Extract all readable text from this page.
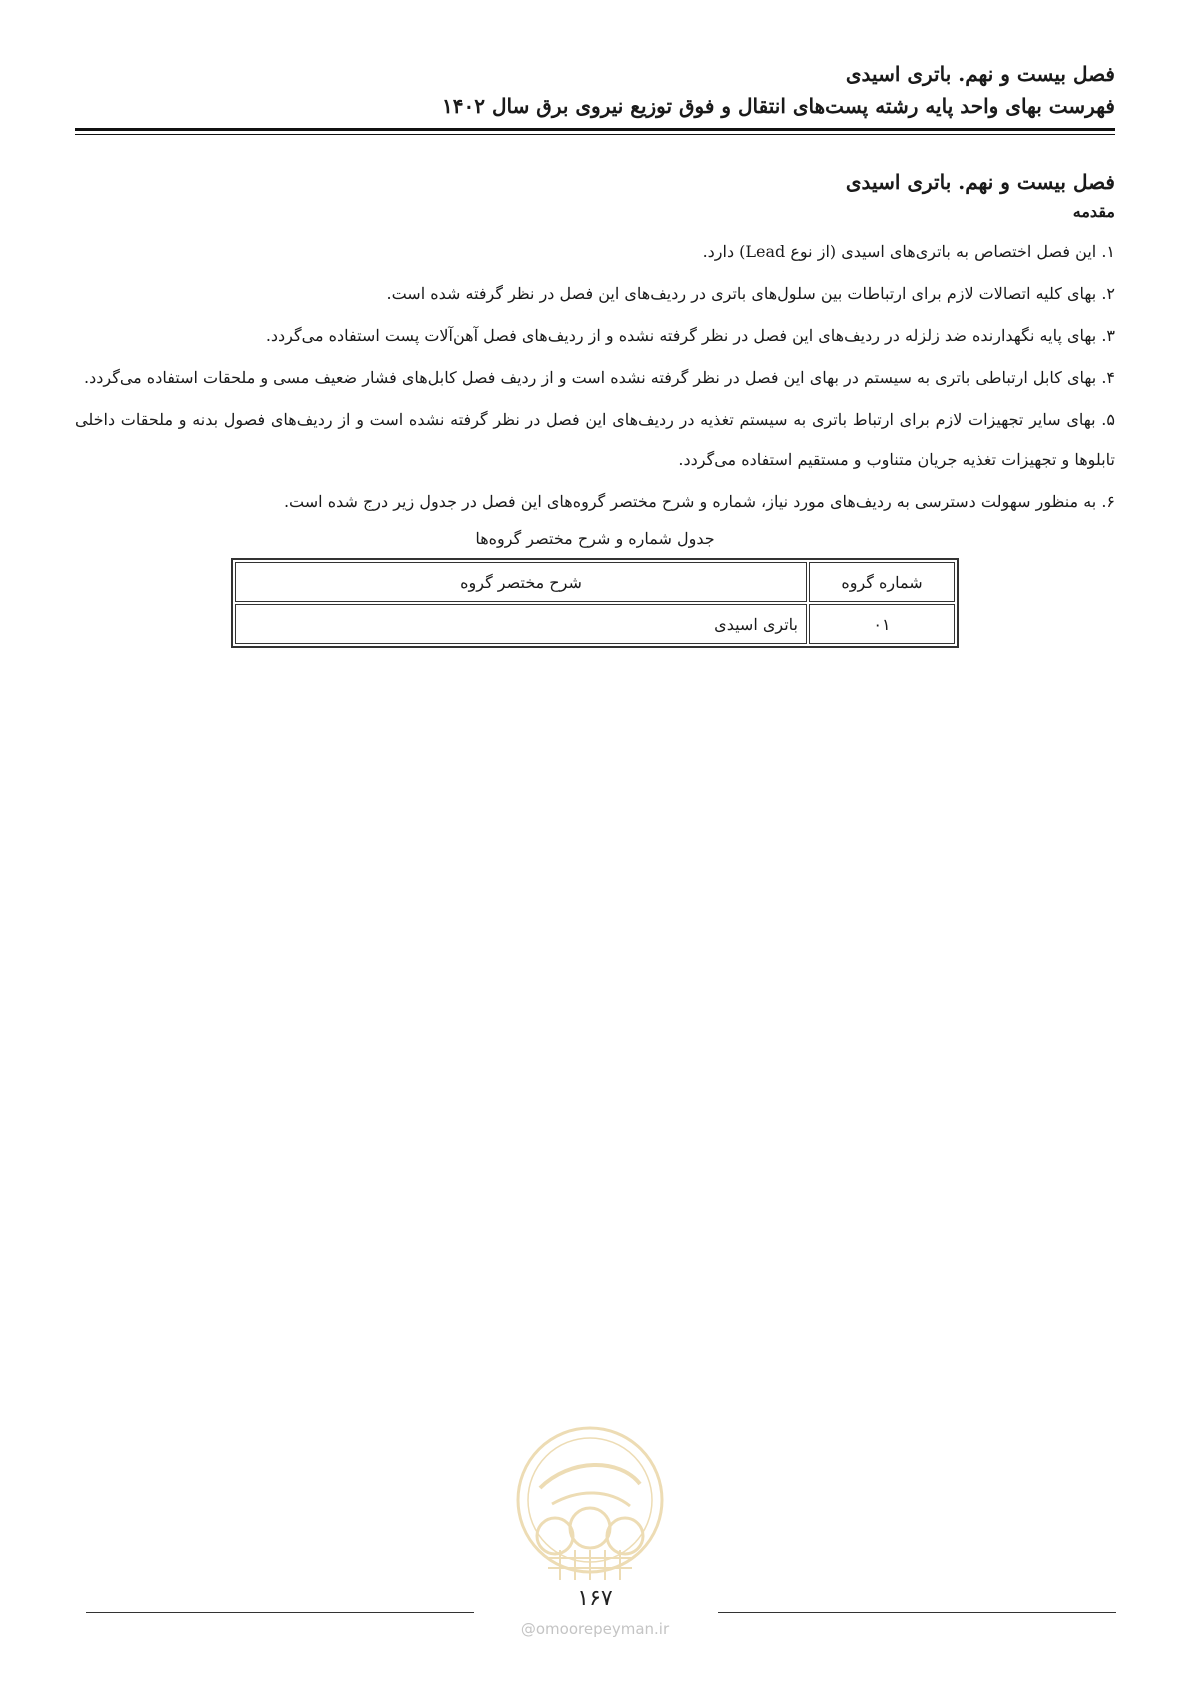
فصل بیست و نهم. باتری اسیدی
فهرست بهای واحد پایه رشته پست‌های انتقال و فوق توزیع نیروی برق سال ۱۴۰۲
فصل بیست و نهم. باتری اسیدی
مقدمه

۱. این فصل اختصاص به باتری‌های اسیدی (از نوع Lead) دارد.

۲. بهای کلیه اتصالات لازم برای ارتباطات بین سلول‌های باتری در ردیف‌های این فصل در نظر گرفته شده است.

۳. بهای پایه نگهدارنده ضد زلزله در ردیف‌های این فصل در نظر گرفته نشده و از ردیف‌های فصل آهن‌آلات پست استفاده می‌گردد.

۴. بهای کابل ارتباطی باتری به سیستم در بهای این فصل در نظر گرفته نشده است و از ردیف فصل کابل‌های فشار ضعیف مسی و ملحقات استفاده می‌گردد.

۵. بهای سایر تجهیزات لازم برای ارتباط باتری به سیستم تغذیه در ردیف‌های این فصل در نظر گرفته نشده است و از ردیف‌های فصول بدنه و ملحقات داخلی تابلوها و تجهیزات تغذیه جریان متناوب و مستقیم استفاده می‌گردد.

۶. به منظور سهولت دسترسی به ردیف‌های مورد نیاز، شماره و شرح مختصر گروه‌های این فصل در جدول زیر درج شده است.

جدول شماره و شرح مختصر گروه‌ها
شماره گروه	شرح مختصر گروه
۰۱	باتری اسیدی
۱۶۷
@omoorepeyman.ir
